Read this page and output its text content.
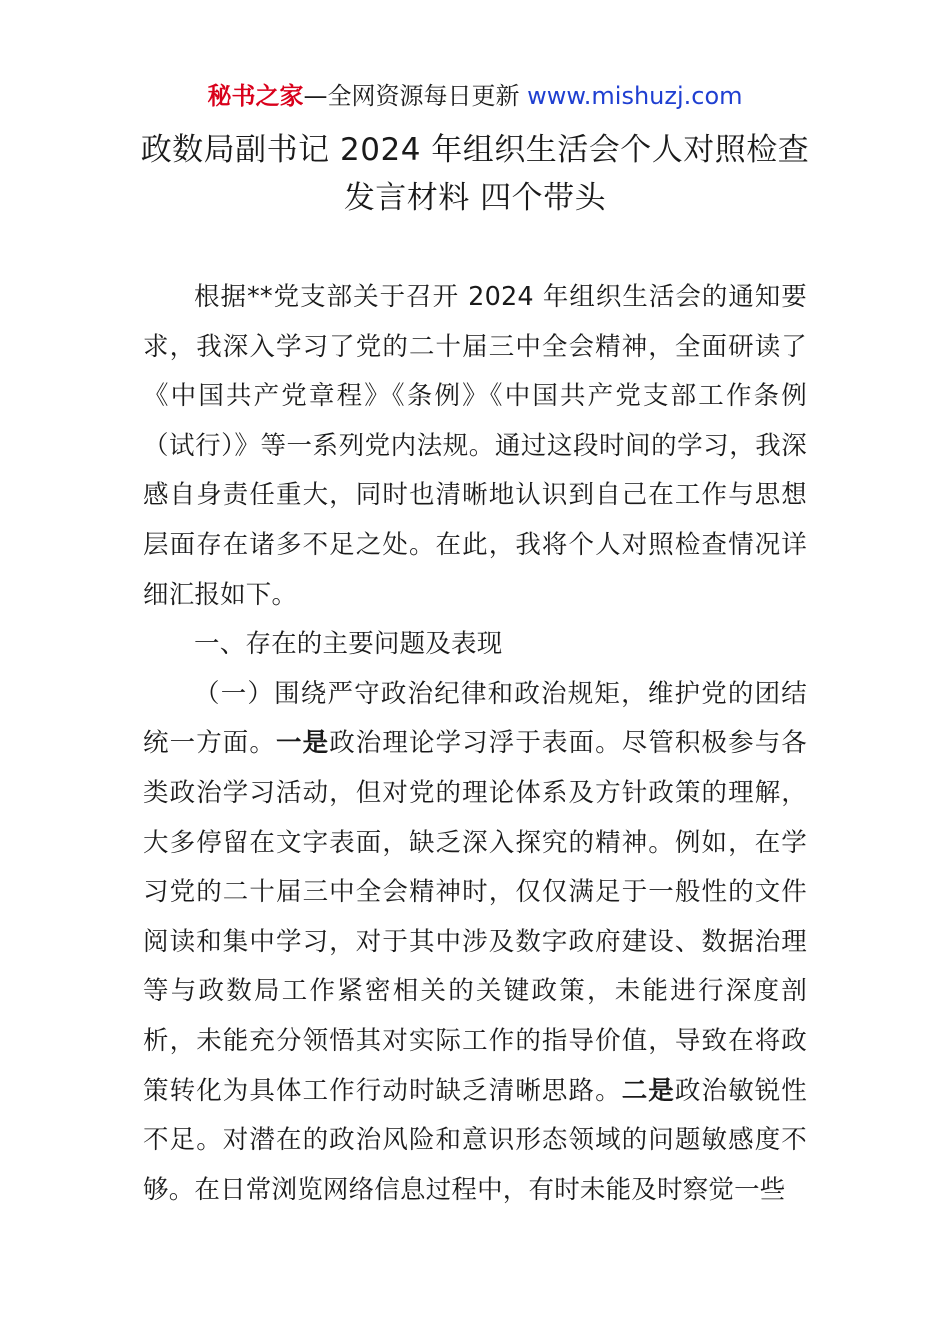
秘书之家—全网资源每日更新 www.mishuzj.com
政数局副书记 2024 年组织生活会个人对照检查
发言材料 四个带头

根据**党支部关于召开 2024 年组织生活会的通知要求，我深入学习了党的二十届三中全会精神，全面研读了《中国共产党章程》《条例》《中国共产党支部工作条例（试行）》等一系列党内法规。通过这段时间的学习，我深感自身责任重大，同时也清晰地认识到自己在工作与思想层面存在诸多不足之处。在此，我将个人对照检查情况详细汇报如下。

一、存在的主要问题及表现

（一）围绕严守政治纪律和政治规矩，维护党的团结统一方面。一是政治理论学习浮于表面。尽管积极参与各类政治学习活动，但对党的理论体系及方针政策的理解，大多停留在文字表面，缺乏深入探究的精神。例如，在学习党的二十届三中全会精神时，仅仅满足于一般性的文件阅读和集中学习，对于其中涉及数字政府建设、数据治理等与政数局工作紧密相关的关键政策，未能进行深度剖析，未能充分领悟其对实际工作的指导价值，导致在将政策转化为具体工作行动时缺乏清晰思路。二是政治敏锐性不足。对潜在的政治风险和意识形态领域的问题敏感度不够。在日常浏览网络信息过程中，有时未能及时察觉一些
